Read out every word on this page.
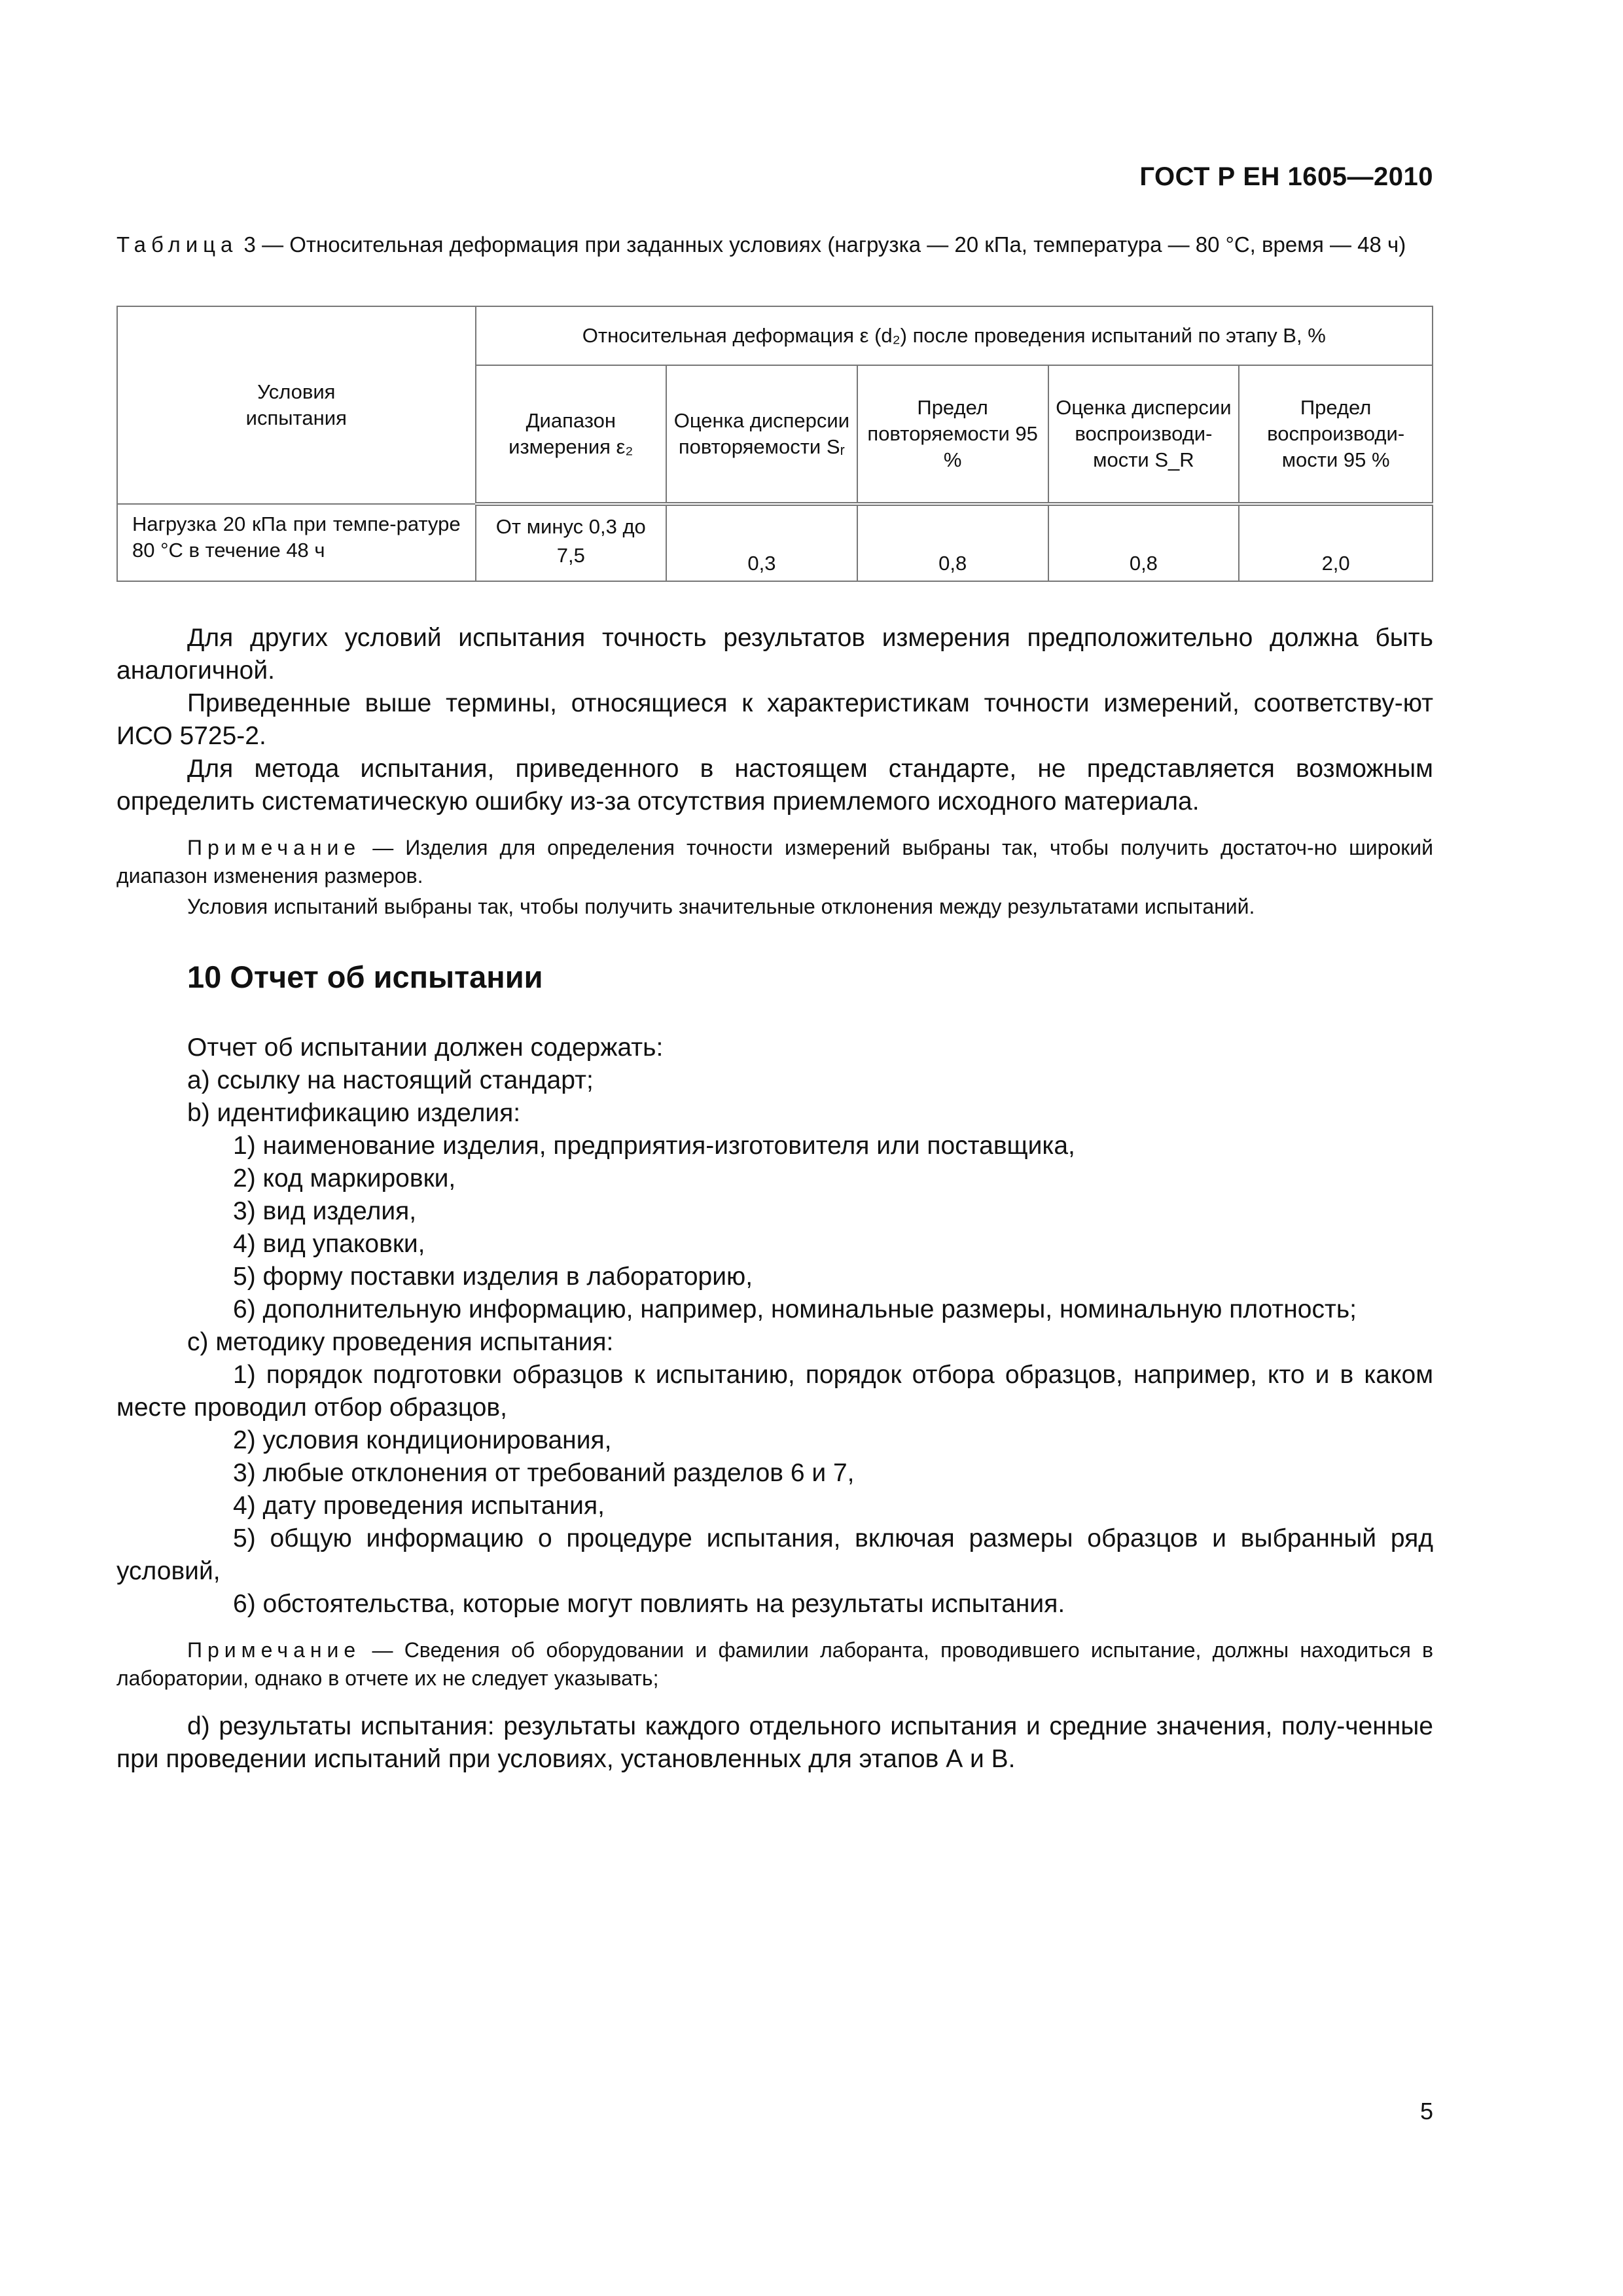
ГОСТ Р ЕН 1605—2010
Таблица 3 — Относительная деформация при заданных условиях (нагрузка — 20 кПа, температура — 80 °С, время — 48 ч)
Условия испытания	Относительная деформация ε (d₂) после проведения испытаний по этапу В, %				
	Диапазон измерения ε₂	Оценка дисперсии повторяемости Sᵣ	Предел повторяемости 95 %	Оценка дисперсии воспроизводи-мости S_R	Предел воспроизводи-мости 95 %
Нагрузка 20 кПа при темпе-ратуре 80 °С в течение 48 ч	От минус 0,3 до 7,5	0,3	0,8	0,8	2,0

Для других условий испытания точность результатов измерения предположительно должна быть аналогичной.

Приведенные выше термины, относящиеся к характеристикам точности измерений, соответству-ют ИСО 5725-2.

Для метода испытания, приведенного в настоящем стандарте, не представляется возможным определить систематическую ошибку из-за отсутствия приемлемого исходного материала.

Примечание — Изделия для определения точности измерений выбраны так, чтобы получить достаточ-но широкий диапазон изменения размеров.
Условия испытаний выбраны так, чтобы получить значительные отклонения между результатами испытаний.
10 Отчет об испытании
Отчет об испытании должен содержать:
a) ссылку на настоящий стандарт;
b) идентификацию изделия:
1) наименование изделия, предприятия-изготовителя или поставщика,
2) код маркировки,
3) вид изделия,
4) вид упаковки,
5) форму поставки изделия в лабораторию,
6) дополнительную информацию, например, номинальные размеры, номинальную плотность;
c) методику проведения испытания:

1) порядок подготовки образцов к испытанию, порядок отбора образцов, например, кто и в каком месте проводил отбор образцов,

2) условия кондиционирования,
3) любые отклонения от требований разделов 6 и 7,
4) дату проведения испытания,

5) общую информацию о процедуре испытания, включая размеры образцов и выбранный ряд условий,

6) обстоятельства, которые могут повлиять на результаты испытания.
Примечание — Сведения об оборудовании и фамилии лаборанта, проводившего испытание, должны находиться в лаборатории, однако в отчете их не следует указывать;

d) результаты испытания: результаты каждого отдельного испытания и средние значения, полу-ченные при проведении испытаний при условиях, установленных для этапов А и В.

5
